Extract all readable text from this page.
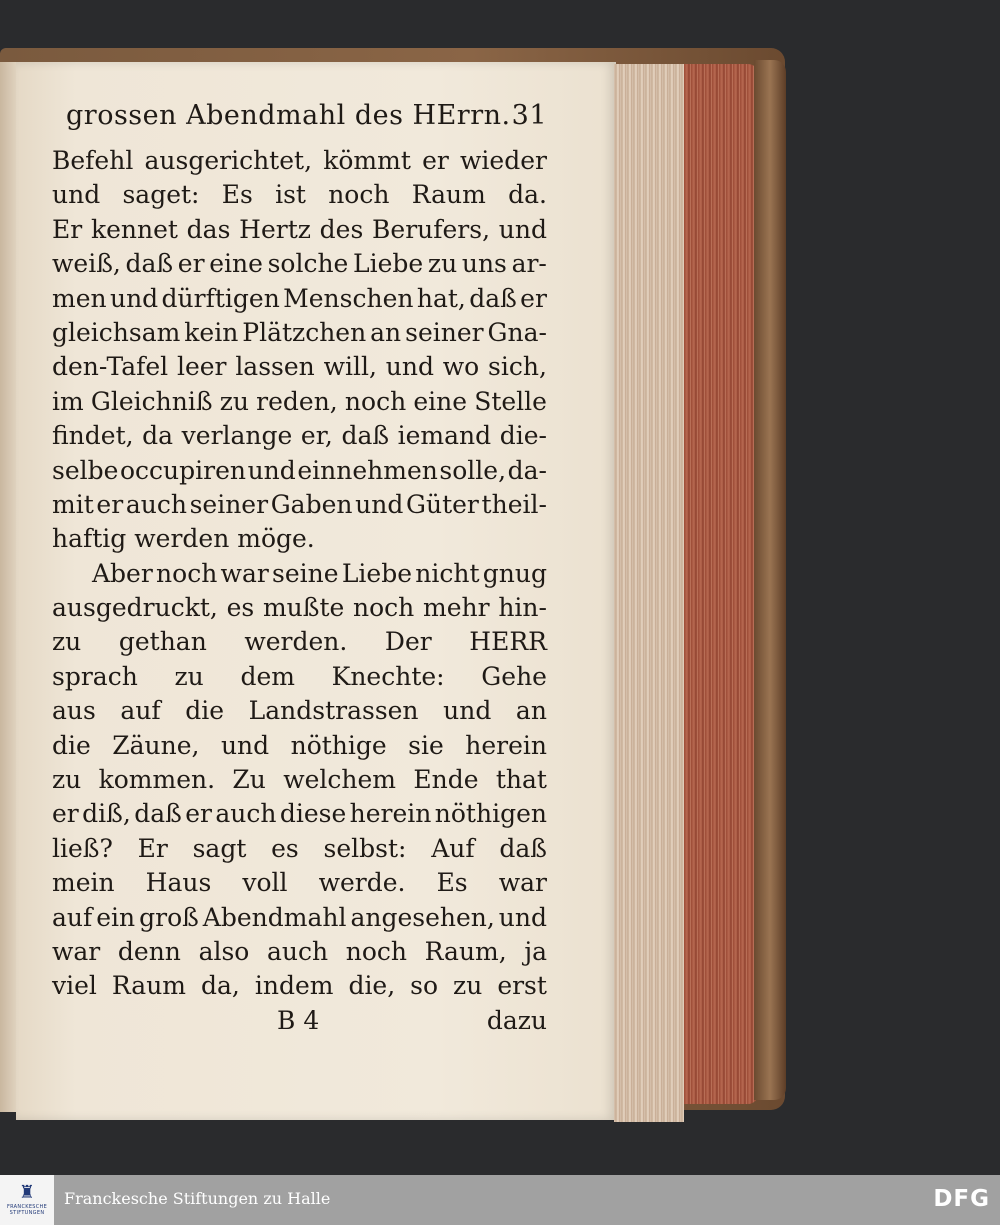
grossen Abendmahl des HErrn. 31
Befehl ausgerichtet, kömmt er wieder
und saget: Es ist noch Raum da.
Er kennet das Hertz des Berufers, und
weiß, daß er eine solche Liebe zu uns ar-
men und dürftigen Menschen hat, daß er
gleichsam kein Plätzchen an seiner Gna-
den-Tafel leer lassen will, und wo sich,
im Gleichniß zu reden, noch eine Stelle
findet, da verlange er, daß iemand die-
selbe occupiren und einnehmen solle, da-
mit er auch seiner Gaben und Güter theil-
haftig werden möge.
Aber noch war seine Liebe nicht gnug
ausgedruckt, es mußte noch mehr hin-
zu gethan werden. Der HERR
sprach zu dem Knechte: Gehe
aus auf die Landstrassen und an
die Zäune, und nöthige sie herein
zu kommen. Zu welchem Ende that
er diß, daß er auch diese herein nöthigen
ließ? Er sagt es selbst: Auf daß
mein Haus voll werde. Es war
auf ein groß Abendmahl angesehen, und
war denn also auch noch Raum, ja
viel Raum da, indem die, so zu erst
B 4	dazu
♜
FRANCKESCHE STIFTUNGEN
Franckesche Stiftungen zu Halle	DFG
